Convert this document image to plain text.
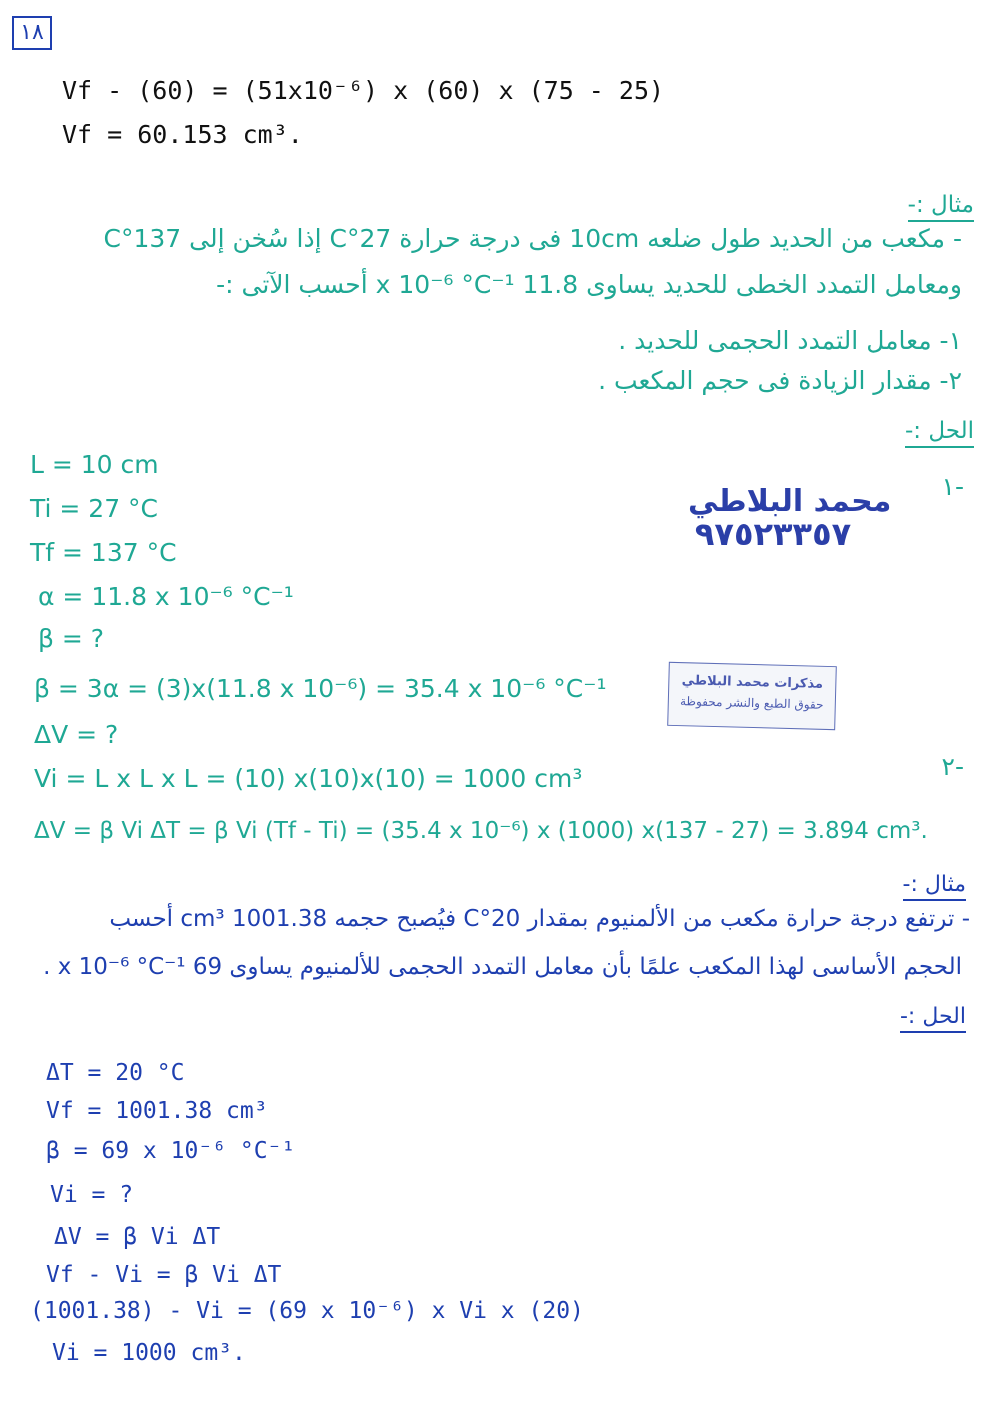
١٨
Vf - (60) = (51x10⁻⁶) x (60) x (75 - 25)
Vf = 60.153 cm³.
مثال :-
- مكعب من الحديد طول ضلعه 10cm فى درجة حرارة 27°C إذا سُخن إلى 137°C
ومعامل التمدد الخطى للحديد يساوى 11.8 x 10⁻⁶ °C⁻¹ أحسب الآتى :-
١- معامل التمدد الحجمى للحديد .
٢- مقدار الزيادة فى حجم المكعب .
الحل :-
١-
٢-
L = 10 cm
Ti = 27 °C
Tf = 137 °C
α = 11.8 x 10⁻⁶ °C⁻¹
β = ?
β = 3α = (3)x(11.8 x 10⁻⁶) = 35.4 x 10⁻⁶ °C⁻¹
ΔV = ?
Vi = L x L x L = (10) x(10)x(10) = 1000 cm³
ΔV = β Vi ΔT = β Vi (Tf - Ti) = (35.4 x 10⁻⁶) x (1000) x(137 - 27) = 3.894 cm³.
محمد البلاطي
٩٧٥٢٣٣٥٧
مذكرات محمد البلاطي
حقوق الطبع والنشر محفوظة
مثال :-
- ترتفع درجة حرارة مكعب من الألمنيوم بمقدار 20°C فيُصبح حجمه 1001.38 cm³ أحسب
الحجم الأساسى لهذا المكعب علمًا بأن معامل التمدد الحجمى للألمنيوم يساوى 69 x 10⁻⁶ °C⁻¹ .
الحل :-
ΔT = 20 °C
Vf = 1001.38 cm³
β = 69 x 10⁻⁶ °C⁻¹
Vi = ?
ΔV = β Vi ΔT
Vf - Vi = β Vi ΔT
(1001.38) - Vi = (69 x 10⁻⁶) x Vi x (20)
Vi = 1000 cm³.
